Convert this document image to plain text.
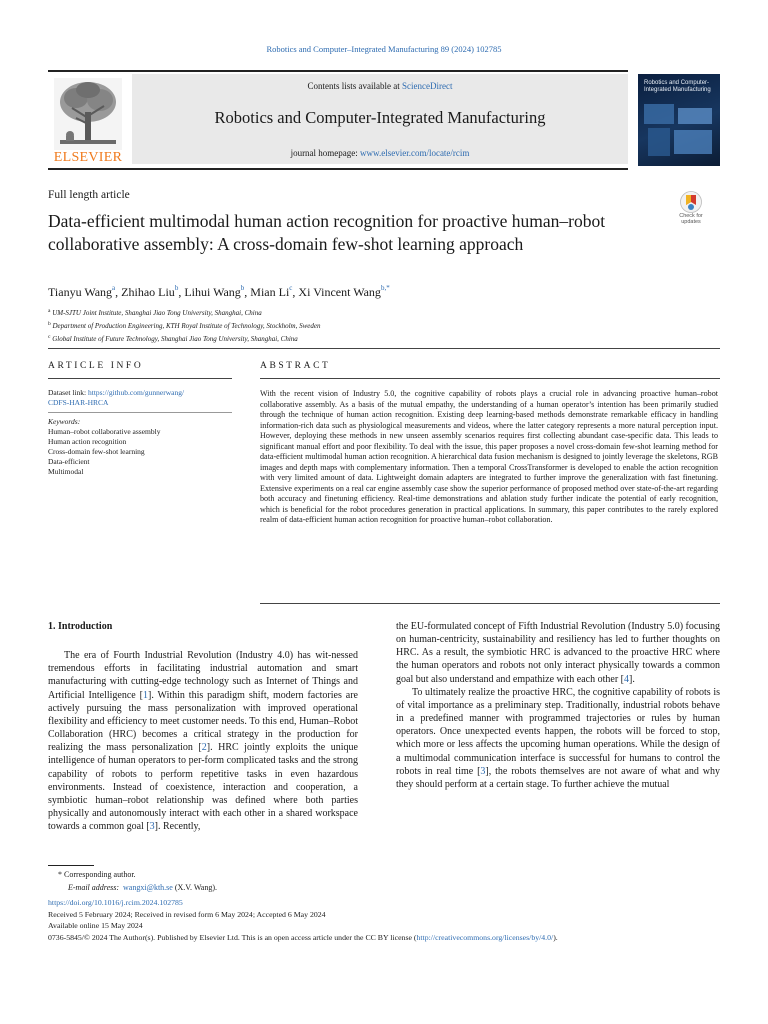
Robotics and Computer–Integrated Manufacturing 89 (2024) 102785
ELSEVIER
Contents lists available at ScienceDirect
Robotics and Computer-Integrated Manufacturing
journal homepage: www.elsevier.com/locate/rcim
Robotics and Computer-Integrated Manufacturing
Full length article
Check for updates
Data-efficient multimodal human action recognition for proactive human–robot collaborative assembly: A cross-domain few-shot learning approach
Tianyu Wang$^a$, Zhihao Liu$^b$, Lihui Wang$^b$, Mian Li$^c$, Xi Vincent Wang$^{b,*}$
$^a$ UM-SJTU Joint Institute, Shanghai Jiao Tong University, Shanghai, China
$^b$ Department of Production Engineering, KTH Royal Institute of Technology, Stockholm, Sweden
$^c$ Global Institute of Future Technology, Shanghai Jiao Tong University, Shanghai, China
ARTICLE INFO
Dataset link: https://github.com/gunnerwang/
CDFS-HAR-HRCA
Keywords:
Human–robot collaborative assembly
Human action recognition
Cross-domain few-shot learning
Data-efficient
Multimodal
ABSTRACT
With the recent vision of Industry 5.0, the cognitive capability of robots plays a crucial role in advancing proactive human–robot collaborative assembly. As a basis of the mutual empathy, the understanding of a human operator’s intention has been primarily studied through the technique of human action recognition. Existing deep learning-based methods demonstrate remarkable efficacy in handling information-rich data such as physiological measurements and videos, where the latter category represents a more natural perception input. However, deploying these methods in new unseen assembly scenarios requires first collecting abundant case-specific data. This leads to significant manual effort and poor flexibility. To deal with the issue, this paper proposes a novel cross-domain few-shot learning method for data-efficient multimodal human action recognition. A hierarchical data fusion mechanism is designed to jointly leverage the skeletons, RGB images and depth maps with complementary information. Then a temporal CrossTransformer is developed to enable the action recognition with very limited amount of data. Lightweight domain adapters are integrated to further improve the generalization with fast finetuning. Extensive experiments on a real car engine assembly case show the superior performance of proposed method over state-of-the-art regarding both accuracy and finetuning efficiency. Real-time demonstrations and ablation study further indicate the potential of early recognition, which is beneficial for the robot procedures generation in practical applications. In summary, this paper contributes to the rarely explored realm of data-efficient human action recognition for proactive human–robot collaboration.
1. Introduction

The era of Fourth Industrial Revolution (Industry 4.0) has wit-nessed tremendous efforts in facilitating industrial automation and smart manufacturing with cutting-edge technology such as Internet of Things and Artificial Intelligence [1]. Within this paradigm shift, modern factories are actively pursuing the mass personalization with improved operational flexibility and efficiency to meet customer needs. To this end, Human–Robot Collaboration (HRC) becomes a critical strategy in the production for realizing the mass personalization [2]. HRC jointly exploits the unique intelligence of human operators to per-form complicated tasks and the strong capability of robots to perform repetitive tasks in even hazardous environments. Instead of coexistence, interaction and cooperation, a symbiotic human–robot relationship was defined where both parties physically and autonomously interact with each other in a shared workspace towards a common goal [3]. Recently,

the EU-formulated concept of Fifth Industrial Revolution (Industry 5.0) focusing on human-centricity, sustainability and resiliency has led to further thoughts on HRC. As a result, the symbiotic HRC is advanced to the proactive HRC where the human operators and robots not only interact physically towards a common goal but also understand and empathize with each other [4].

To ultimately realize the proactive HRC, the cognitive capability of robots is of vital importance as a preliminary step. Traditionally, industrial robots behave in a predefined manner with programmed trajectories or rules by human operators. Once unexpected events happen, the robots will be forced to stop, which more or less affects the upcoming human operations. While the design of a multimodal communication interface is successful for humans to control the robots in real time [3], the robots themselves are not aware of what and why they should perform at a certain stage. To further achieve the mutual

* Corresponding author.
E-mail address: wangxi@kth.se (X.V. Wang).
https://doi.org/10.1016/j.rcim.2024.102785
Received 5 February 2024; Received in revised form 6 May 2024; Accepted 6 May 2024
Available online 15 May 2024
0736-5845/© 2024 The Author(s). Published by Elsevier Ltd. This is an open access article under the CC BY license (http://creativecommons.org/licenses/by/4.0/).
